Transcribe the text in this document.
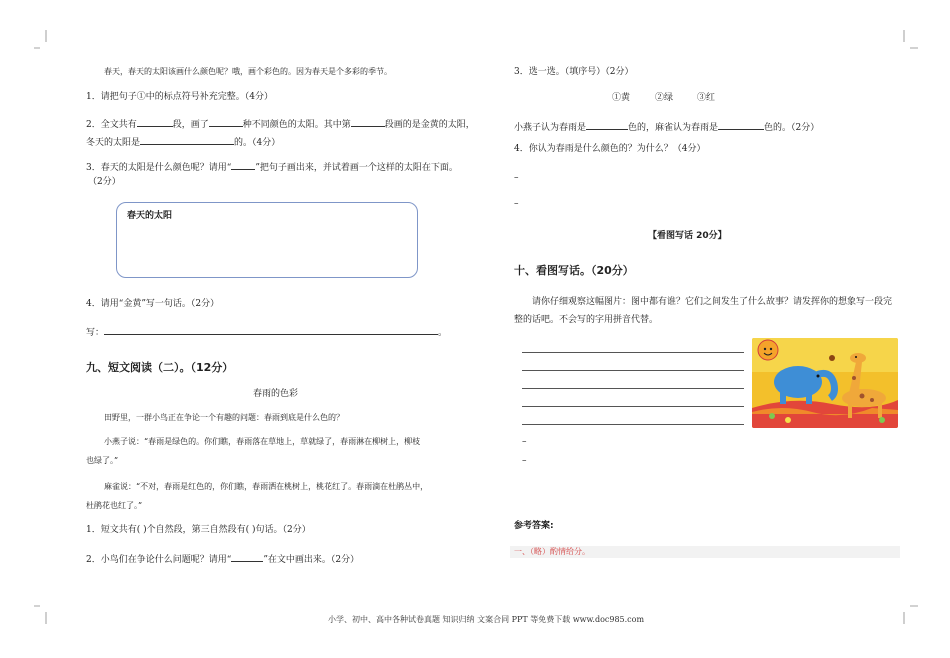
春天，春天的太阳该画什么颜色呢？哦，画个彩色的。因为春天是个多彩的季节。
1．请把句子①中的标点符号补充完整。（4分）
2．全文共有	段，画了	种不同颜色的太阳。其中第	段画的是金黄的太阳，
冬天的太阳是	的。（4分）
3．春天的太阳是什么颜色呢？请用“	”把句子画出来，并试着画一个这样的太阳在下面。
（2分）
春天的太阳
4．请用“金黄”写一句话。（2分）
写：	。
九、短文阅读（二）。（12分）
春雨的色彩
田野里，一群小鸟正在争论一个有趣的问题：春雨到底是什么色的？
小燕子说：“春雨是绿色的。你们瞧，春雨落在草地上，草就绿了，春雨淋在柳树上，柳枝
也绿了。”
麻雀说：“不对，春雨是红色的，你们瞧，春雨洒在桃树上，桃花红了。春雨滴在杜鹃丛中，
杜鹃花也红了。”
1．短文共有( )个自然段，第三自然段有( )句话。（2分）
2．小鸟们在争论什么问题呢？请用“	”在文中画出来。（2分）
3．选一选。（填序号）（2分）
①黄	②绿	③红
小燕子认为春雨是	色的，麻雀认为春雨是	色的。（2分）
4．你认为春雨是什么颜色的？为什么？（4分）
–
–
【看图写话 20分】
十、看图写话。（20分）
请你仔细观察这幅图片：图中都有谁？它们之间发生了什么故事？请发挥你的想象写一段完
整的话吧。不会写的字用拼音代替。
–
–
参考答案:
一、（略）酌情给分。
小学、初中、高中各种试卷真题 知识归纳 文案合同 PPT 等免费下载 www.doc985.com
